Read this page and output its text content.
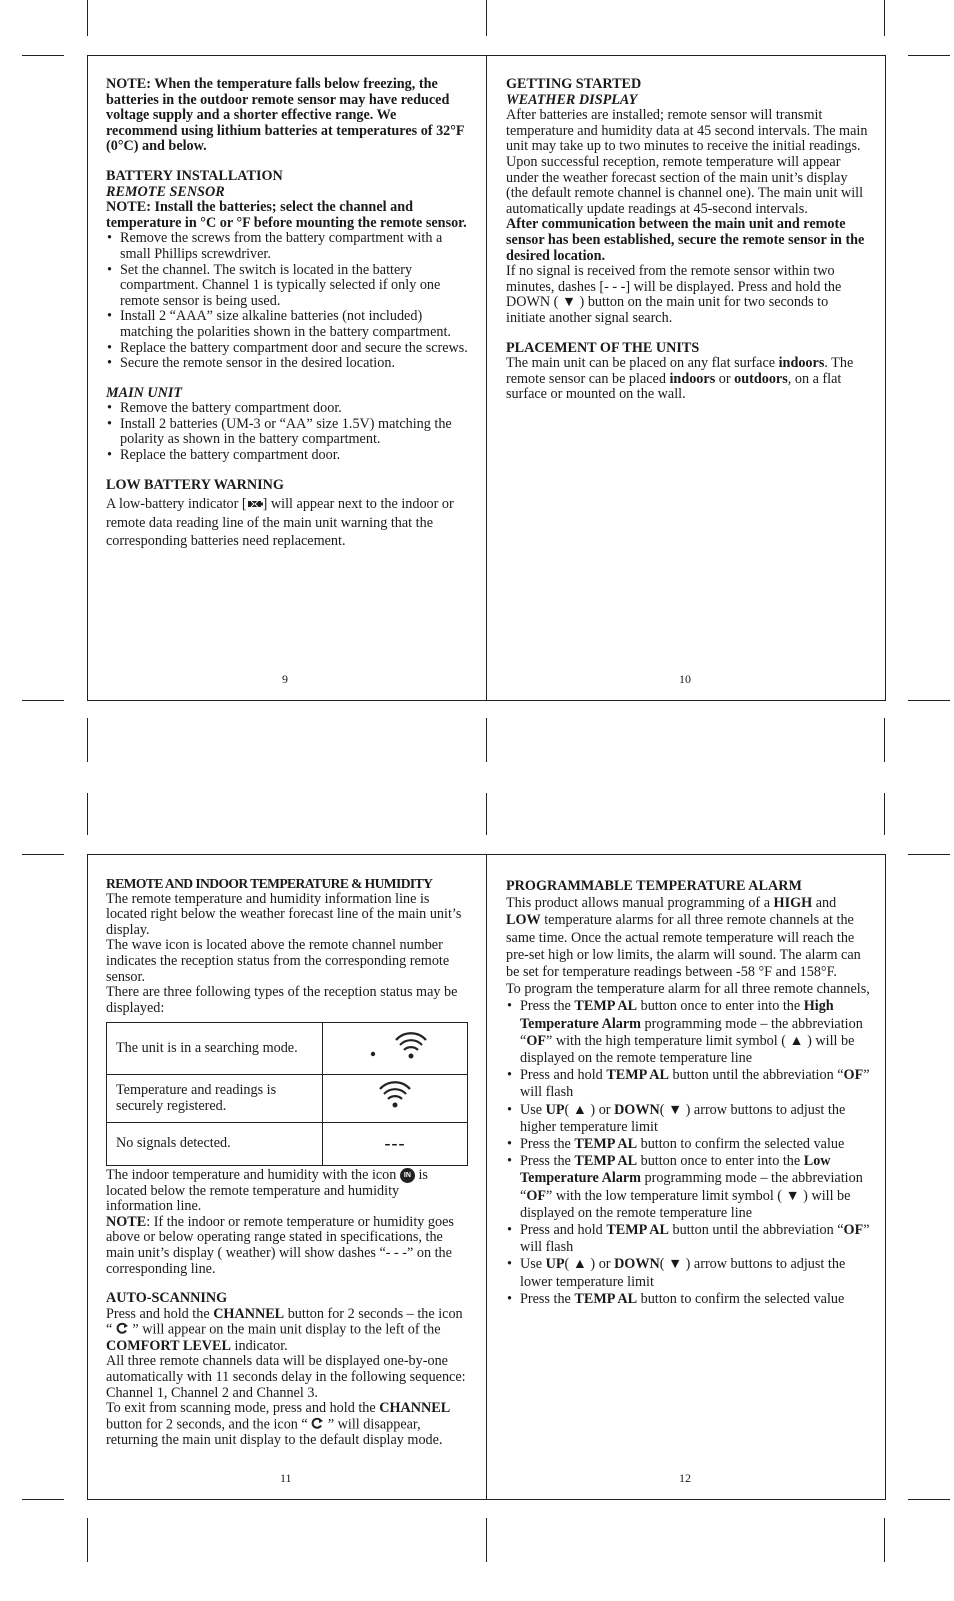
NOTE: When the temperature falls below freezing, the batteries in the outdoor remote sensor may have reduced voltage supply and a shorter effective range. We recommend using lithium batteries at temperatures of 32°F (0°C) and below.

BATTERY INSTALLATION

REMOTE SENSOR

NOTE: Install the batteries; select the channel and temperature in °C or °F before mounting the remote sensor.

• Remove the screws from the battery compartment with a small Phillips screwdriver.
• Set the channel. The switch is located in the battery compartment. Channel 1 is typically selected if only one remote sensor is being used.
• Install 2 “AAA” size alkaline batteries (not included) matching the polarities shown in the battery compartment.
• Replace the battery compartment door and secure the screws.
• Secure the remote sensor in the desired location.

MAIN UNIT

• Remove the battery compartment door.
• Install 2 batteries (UM-3 or “AA” size 1.5V) matching the polarity as shown in the battery compartment.
• Replace the battery compartment door.

LOW BATTERY WARNING

A low-battery indicator [ ] will appear next to the indoor or remote data reading line of the main unit warning that the corresponding batteries need replacement.

9

GETTING STARTED

WEATHER DISPLAY

After batteries are installed; remote sensor will transmit temperature and humidity data at 45 second intervals. The main unit may take up to two minutes to receive the initial readings. Upon successful reception, remote temperature will appear under the weather forecast section of the main unit’s display (the default remote channel is channel one). The main unit will automatically update readings at 45-second intervals.

After communication between the main unit and remote sensor has been established, secure the remote sensor in the desired location.

If no signal is received from the remote sensor within two minutes, dashes [- - -] will be displayed. Press and hold the DOWN ( ▼ ) button on the main unit for two seconds to initiate another signal search.

PLACEMENT OF THE UNITS

The main unit can be placed on any flat surface indoors. The remote sensor can be placed indoors or outdoors, on a flat surface or mounted on the wall.

10

REMOTE AND INDOOR TEMPERATURE & HUMIDITY

The remote temperature and humidity information line is located right below the weather forecast line of the main unit’s display.

The wave icon is located above the remote channel number indicates the reception status from the corresponding remote sensor.

There are three following types of the reception status may be displayed:

The unit is in a searching mode.	
Temperature and readings is securely registered.	
No signals detected.	---

The indoor temperature and humidity with the icon IN is located below the remote temperature and humidity information line.

NOTE: If the indoor or remote temperature or humidity goes above or below operating range stated in specifications, the main unit’s display ( weather) will show dashes “- - -” on the corresponding line.

AUTO-SCANNING

Press and hold the CHANNEL button for 2 seconds – the icon “  ” will appear on the main unit display to the left of the COMFORT LEVEL indicator.

All three remote channels data will be displayed one-by-one automatically with 11 seconds delay in the following sequence: Channel 1, Channel 2 and Channel 3.

To exit from scanning mode, press and hold the CHANNEL button for 2 seconds, and the icon “  ” will disappear, returning the main unit display to the default display mode.

11

PROGRAMMABLE TEMPERATURE ALARM

This product allows manual programming of a HIGH and LOW temperature alarms for all three remote channels at the same time. Once the actual remote temperature will reach the pre-set high or low limits, the alarm will sound. The alarm can be set for temperature readings between -58 °F and 158°F.

To program the temperature alarm for all three remote channels,

• Press the TEMP AL button once to enter into the High Temperature Alarm programming mode – the abbreviation “OF” with the high temperature limit symbol ( ▲ ) will be displayed on the remote temperature line
• Press and hold TEMP AL button until the abbreviation “OF” will flash
• Use UP( ▲ ) or DOWN( ▼ ) arrow buttons to adjust the higher temperature limit
• Press the TEMP AL button to confirm the selected value
• Press the TEMP AL button once to enter into the Low Temperature Alarm programming mode – the abbreviation “OF” with the low temperature limit symbol ( ▼ ) will be displayed on the remote temperature line
• Press and hold TEMP AL button until the abbreviation “OF” will flash
• Use UP( ▲ ) or DOWN( ▼ ) arrow buttons to adjust the lower temperature limit
• Press the TEMP AL button to confirm the selected value
12
